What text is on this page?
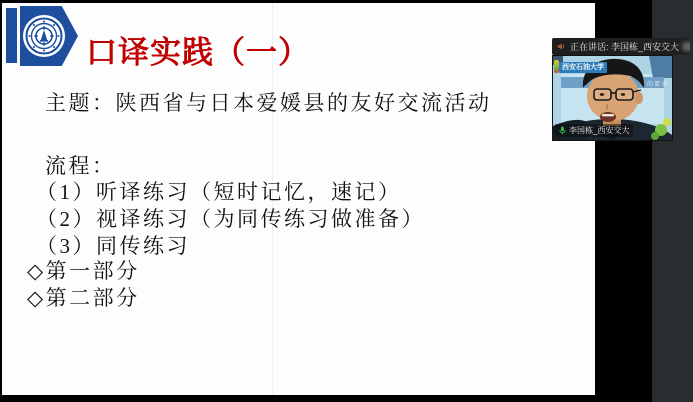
口译实践（一）

主题：陕西省与日本爱媛县的友好交流活动

流程：

（1）听译练习（短时记忆，速记）

（2）视译练习（为同传练习做准备）

（3）同传练习

◇第一部分

◇第二部分

正在讲话: 李国栋_西安交大
西安石油大学
的要求
李国栋_西安交大
